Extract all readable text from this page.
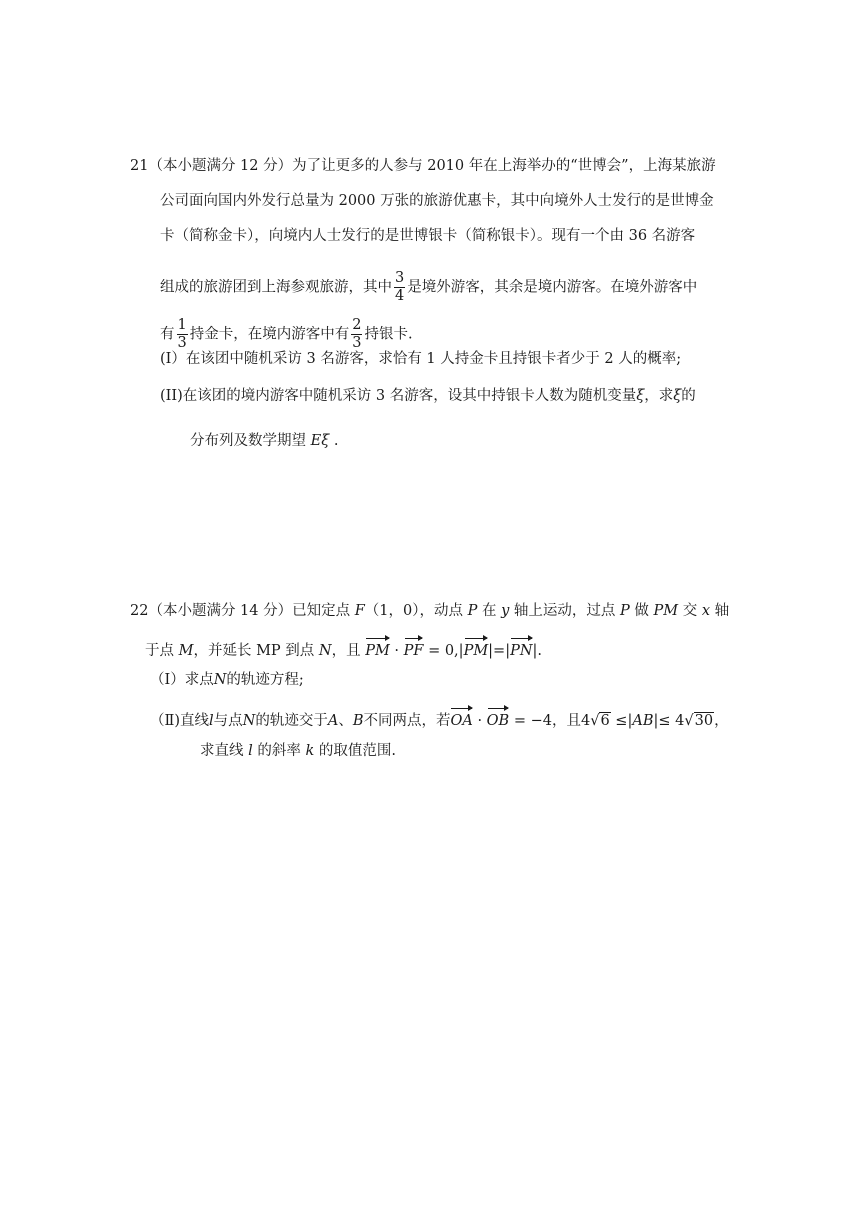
21（本小题满分 12 分）为了让更多的人参与 2010 年在上海举办的“世博会”，上海某旅游
公司面向国内外发行总量为 2000 万张的旅游优惠卡，其中向境外人士发行的是世博金
卡（简称金卡），向境内人士发行的是世博银卡（简称银卡）。现有一个由 36 名游客
组成的旅游团到上海参观旅游，其中 $\frac{3}{4}$ 是境外游客，其余是境内游客。在境外游客中
有 $\frac{1}{3}$ 持金卡，在境内游客中有 $\frac{2}{3}$ 持银卡.
(I）在该团中随机采访 3 名游客，求恰有 1 人持金卡且持银卡者少于 2 人的概率;
(II)在该团的境内游客中随机采访 3 名游客，设其中持银卡人数为随机变量ξ，求ξ的
分布列及数学期望 Eξ .
22（本小题满分 14 分）已知定点 F（1，0），动点 P 在 y 轴上运动，过点 P 做 PM 交 x 轴
于点 M，并延长 MP 到点 N，且 PM · PF = 0,|PM|=|PN|.
（Ⅰ）求点N的轨迹方程;
（Ⅱ)直线l与点N的轨迹交于A、B不同两点，若OA · OB = −4，且4√6 ≤|AB|≤ 4√30，
求直线 l 的斜率 k 的取值范围.
